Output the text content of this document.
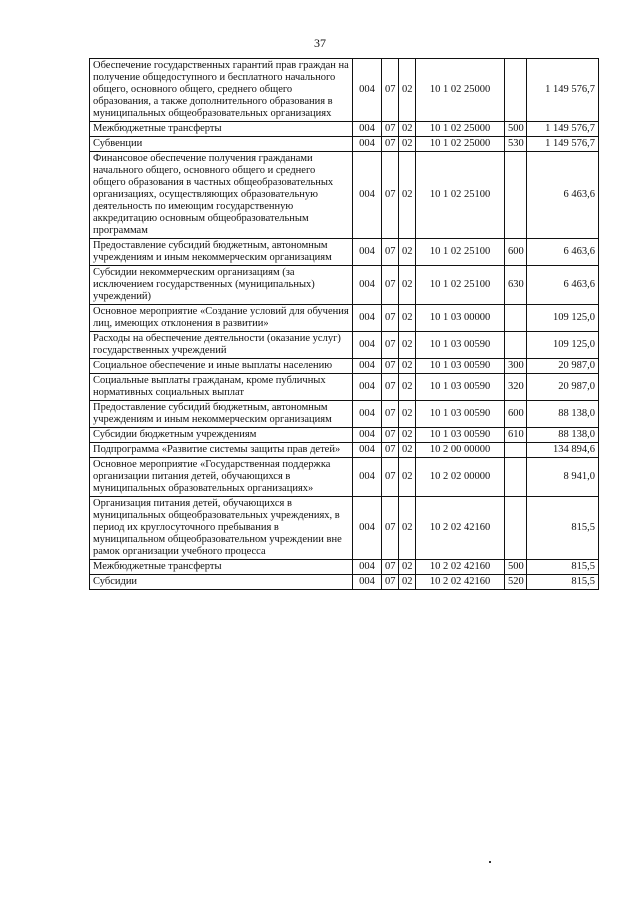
37
Обеспечение государственных гарантий прав граждан на получение общедоступного и бесплатного начального общего, основного общего, среднего общего образования, а также дополнительного образования в муниципальных общеобразовательных организациях	004	07	02	10 1 02 25000		1 149 576,7
Межбюджетные трансферты	004	07	02	10 1 02 25000	500	1 149 576,7
Субвенции	004	07	02	10 1 02 25000	530	1 149 576,7
Финансовое обеспечение получения гражданами начального общего, основного общего и среднего общего образования в частных общеобразовательных организациях, осуществляющих образовательную деятельность по имеющим государственную аккредитацию основным общеобразовательным программам	004	07	02	10 1 02 25100		6 463,6
Предоставление субсидий бюджетным, автономным учреждениям и иным некоммерческим организациям	004	07	02	10 1 02 25100	600	6 463,6
Субсидии некоммерческим организациям (за исключением государственных (муниципальных) учреждений)	004	07	02	10 1 02 25100	630	6 463,6
Основное мероприятие «Создание условий для обучения лиц, имеющих отклонения в развитии»	004	07	02	10 1 03 00000		109 125,0
Расходы на обеспечение деятельности (оказание услуг) государственных учреждений	004	07	02	10 1 03 00590		109 125,0
Социальное обеспечение и иные выплаты населению	004	07	02	10 1 03 00590	300	20 987,0
Социальные выплаты гражданам, кроме публичных нормативных социальных выплат	004	07	02	10 1 03 00590	320	20 987,0
Предоставление субсидий бюджетным, автономным учреждениям и иным некоммерческим организациям	004	07	02	10 1 03 00590	600	88 138,0
Субсидии бюджетным учреждениям	004	07	02	10 1 03 00590	610	88 138,0
Подпрограмма «Развитие системы защиты прав детей»	004	07	02	10 2 00 00000		134 894,6
Основное мероприятие «Государственная поддержка организации питания детей, обучающихся в муниципальных образовательных организациях»	004	07	02	10 2 02 00000		8 941,0
Организация питания детей, обучающихся в муниципальных общеобразовательных учреждениях, в период их круглосуточного пребывания в муниципальном общеобразовательном учреждении вне рамок организации учебного процесса	004	07	02	10 2 02 42160		815,5
Межбюджетные трансферты	004	07	02	10 2 02 42160	500	815,5
Субсидии	004	07	02	10 2 02 42160	520	815,5
